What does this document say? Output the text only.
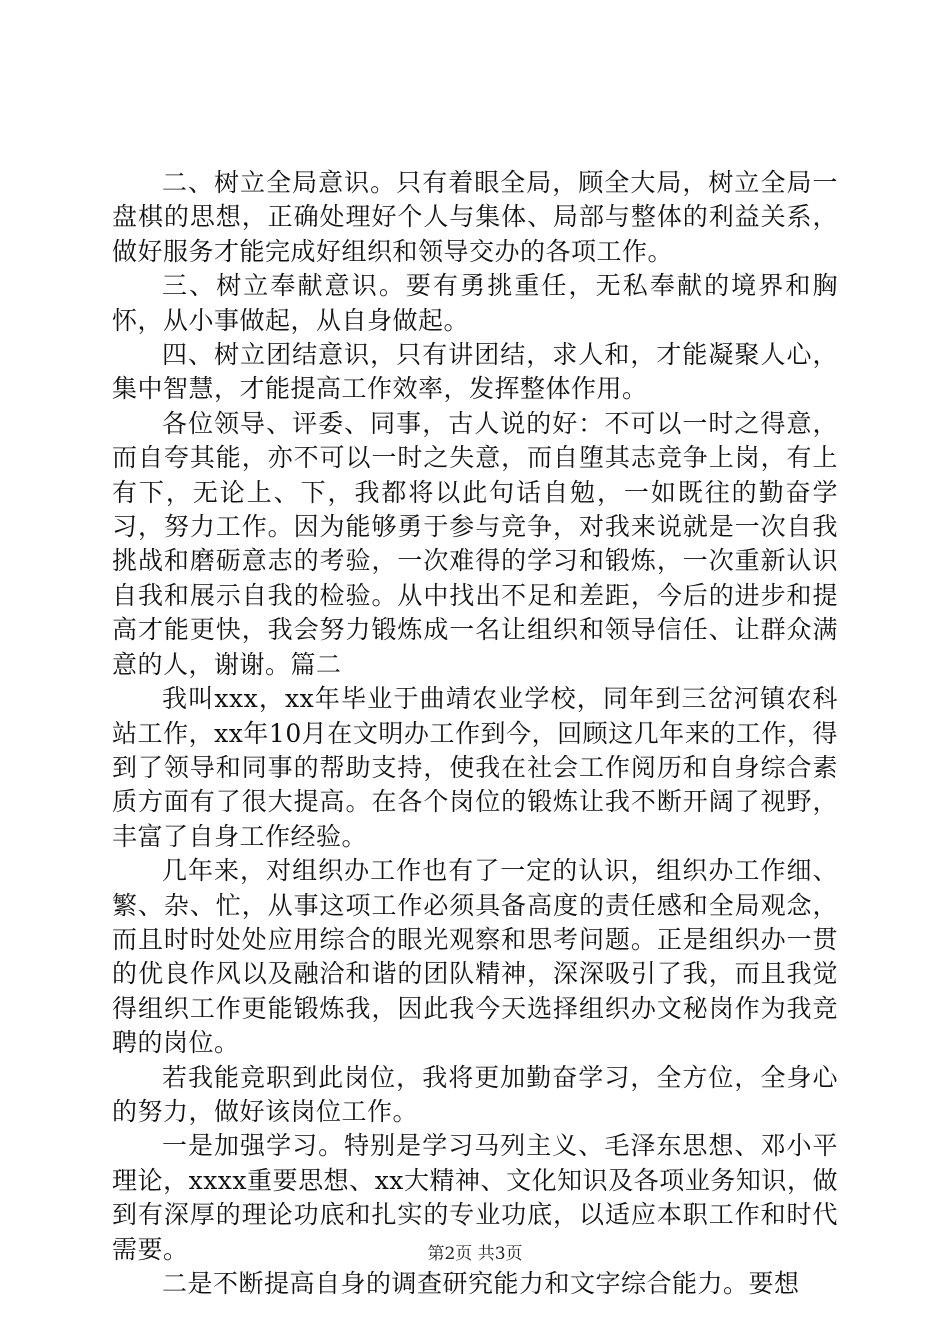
二、树立全局意识。只有着眼全局，顾全大局，树立全局一盘棋的思想，正确处理好个人与集体、局部与整体的利益关系，做好服务才能完成好组织和领导交办的各项工作。

三、树立奉献意识。要有勇挑重任，无私奉献的境界和胸怀，从小事做起，从自身做起。

四、树立团结意识，只有讲团结，求人和，才能凝聚人心，集中智慧，才能提高工作效率，发挥整体作用。

各位领导、评委、同事，古人说的好：不可以一时之得意，而自夸其能，亦不可以一时之失意，而自堕其志竞争上岗，有上有下，无论上、下，我都将以此句话自勉，一如既往的勤奋学习，努力工作。因为能够勇于参与竞争，对我来说就是一次自我挑战和磨砺意志的考验，一次难得的学习和锻炼，一次重新认识自我和展示自我的检验。从中找出不足和差距，今后的进步和提高才能更快，我会努力锻炼成一名让组织和领导信任、让群众满意的人，谢谢。篇二

我叫xxx，xx年毕业于曲靖农业学校，同年到三岔河镇农科站工作，xx年10月在文明办工作到今，回顾这几年来的工作，得到了领导和同事的帮助支持，使我在社会工作阅历和自身综合素质方面有了很大提高。在各个岗位的锻炼让我不断开阔了视野，丰富了自身工作经验。

几年来，对组织办工作也有了一定的认识，组织办工作细、繁、杂、忙，从事这项工作必须具备高度的责任感和全局观念，而且时时处处应用综合的眼光观察和思考问题。正是组织办一贯的优良作风以及融洽和谐的团队精神，深深吸引了我，而且我觉得组织工作更能锻炼我，因此我今天选择组织办文秘岗作为我竞聘的岗位。

若我能竞职到此岗位，我将更加勤奋学习，全方位，全身心的努力，做好该岗位工作。

一是加强学习。特别是学习马列主义、毛泽东思想、邓小平理论，xxxx重要思想、xx大精神、文化知识及各项业务知识，做到有深厚的理论功底和扎实的专业功底，以适应本职工作和时代需要。

二是不断提高自身的调查研究能力和文字综合能力。要想

第2页 共3页
